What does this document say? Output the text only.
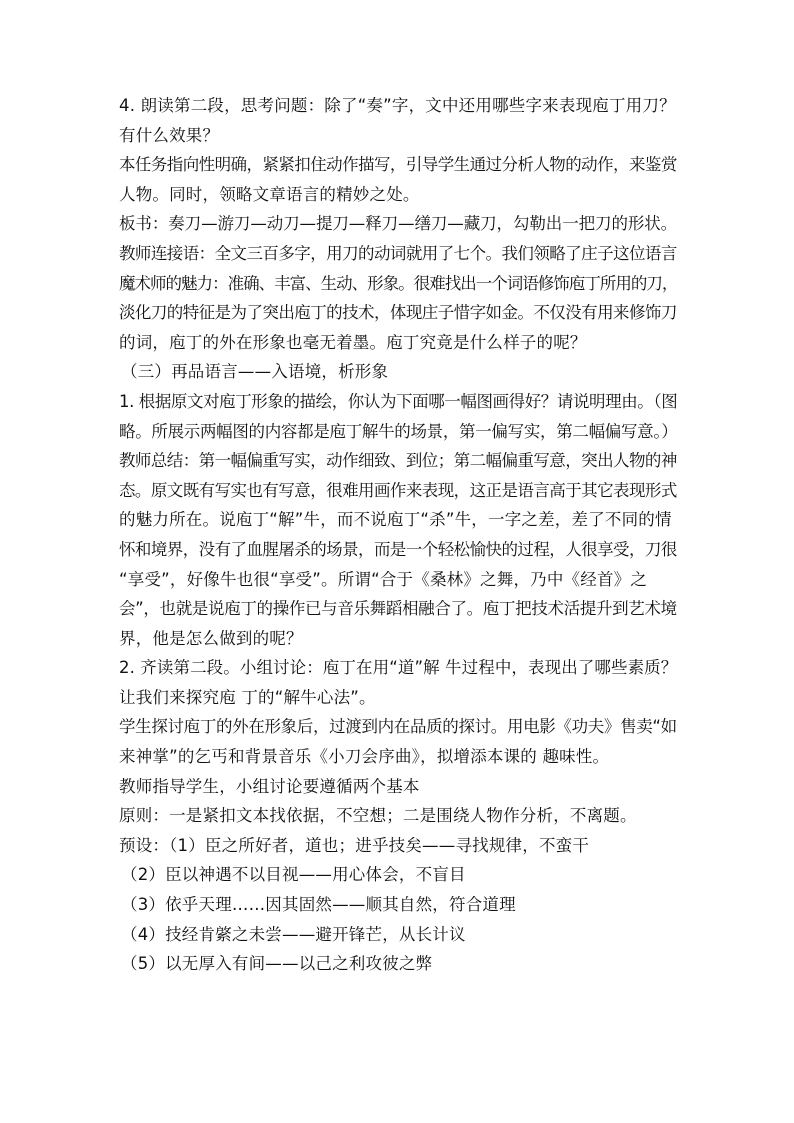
4. 朗读第二段，思考问题：除了“奏”字，文中还用哪些字来表现庖丁用刀？
有什么效果？
本任务指向性明确，紧紧扣住动作描写，引导学生通过分析人物的动作，来鉴赏
人物。同时，领略文章语言的精妙之处。
板书：奏刀—游刀—动刀—提刀—释刀—缮刀—藏刀，勾勒出一把刀的形状。
教师连接语：全文三百多字，用刀的动词就用了七个。我们领略了庄子这位语言
魔术师的魅力：准确、丰富、生动、形象。很难找出一个词语修饰庖丁所用的刀，
淡化刀的特征是为了突出庖丁的技术，体现庄子惜字如金。不仅没有用来修饰刀
的词，庖丁的外在形象也毫无着墨。庖丁究竟是什么样子的呢？
（三）再品语言——入语境，析形象
1. 根据原文对庖丁形象的描绘，你认为下面哪一幅图画得好？请说明理由。（图
略。所展示两幅图的内容都是庖丁解牛的场景，第一偏写实，第二幅偏写意。）
教师总结：第一幅偏重写实，动作细致、到位；第二幅偏重写意，突出人物的神
态。原文既有写实也有写意，很难用画作来表现，这正是语言高于其它表现形式
的魅力所在。说庖丁“解”牛，而不说庖丁“杀”牛，一字之差，差了不同的情
怀和境界，没有了血腥屠杀的场景，而是一个轻松愉快的过程，人很享受，刀很
“享受”，好像牛也很“享受”。所谓“合于《桑林》之舞，乃中《经首》之
会”，也就是说庖丁的操作已与音乐舞蹈相融合了。庖丁把技术活提升到艺术境
界，他是怎么做到的呢？
2. 齐读第二段。小组讨论：庖丁在用“道”解 牛过程中，表现出了哪些素质？
让我们来探究庖 丁的“解牛心法”。
学生探讨庖丁的外在形象后，过渡到内在品质的探讨。用电影《功夫》售卖“如
来神掌”的乞丐和背景音乐《小刀会序曲》，拟增添本课的 趣味性。
教师指导学生，小组讨论要遵循两个基本
原则：一是紧扣文本找依据，不空想；二是围绕人物作分析，不离题。
预设：（1）臣之所好者，道也；进乎技矣——寻找规律，不蛮干
（2）臣以神遇不以目视——用心体会，不盲目
（3）依乎天理……因其固然——顺其自然，符合道理
（4）技经肯綮之未尝——避开锋芒，从长计议
（5）以无厚入有间——以己之利攻彼之弊
